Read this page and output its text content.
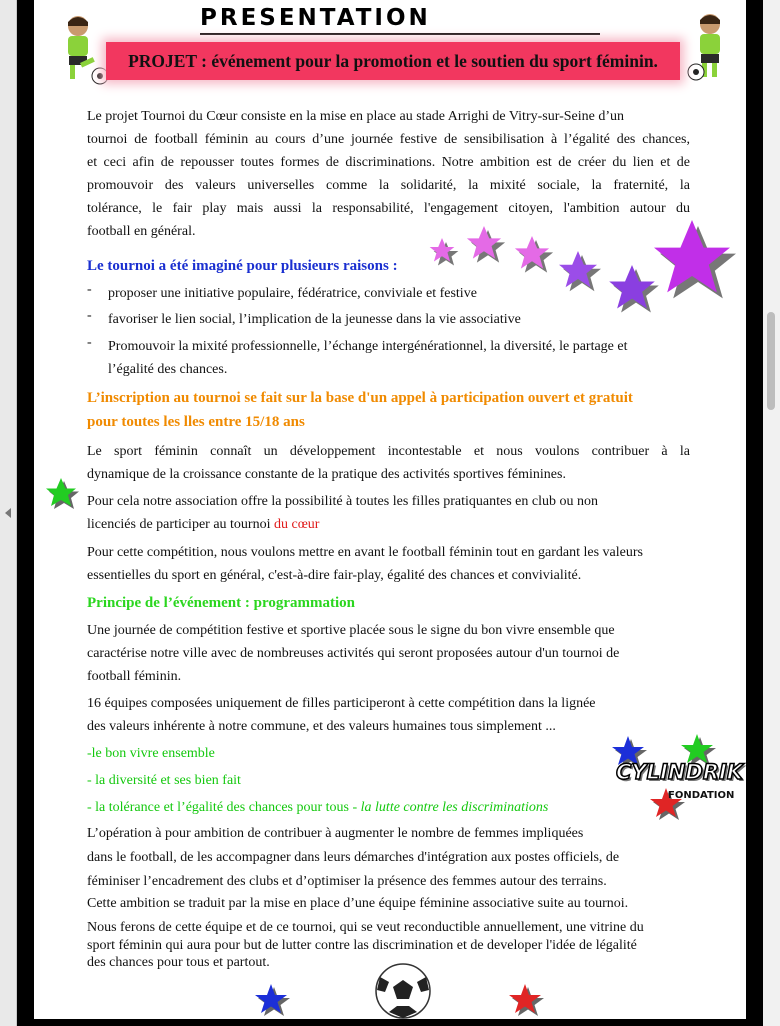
PRESENTATION
PROJET : événement pour la promotion et le soutien du sport féminin.
Le projet Tournoi du Cœur consiste en la mise en place au stade Arrighi de Vitry-sur-Seine d’un
tournoi de football féminin au cours d’une journée festive de sensibilisation à l’égalité des chances,
et ceci afin de repousser toutes formes de discriminations. Notre ambition est de créer du lien et de
promouvoir des valeurs universelles comme la solidarité, la mixité sociale, la fraternité, la
tolérance, le fair play mais aussi la responsabilité, l'engagement citoyen, l'ambition autour du
football en général.
Le tournoi a été imaginé pour plusieurs raisons :
- proposer une initiative populaire, fédératrice, conviviale et festive
- favoriser le lien social, l’implication de la jeunesse dans la vie associative
- Promouvoir la mixité professionnelle, l’échange intergénérationnel, la diversité, le partage et
l’égalité des chances.
L’inscription au tournoi se fait sur la base d'un appel à participation ouvert et gratuit
pour toutes les lles entre 15/18 ans
Le sport féminin connaît un développement incontestable et nous voulons contribuer à la
dynamique de la croissance constante de la pratique des activités sportives féminines.
Pour cela notre association offre la possibilité à toutes les filles pratiquantes en club ou non
licenciés de participer au tournoi du cœur
Pour cette compétition, nous voulons mettre en avant le football féminin tout en gardant les valeurs
essentielles du sport en général, c'est-à-dire fair-play, égalité des chances et convivialité.
Principe de l’événement : programmation
Une journée de compétition festive et sportive placée sous le signe du bon vivre ensemble que
caractérise notre ville avec de nombreuses activités qui seront proposées autour d'un tournoi de
football féminin.
16 équipes composées uniquement de filles participeront à cette compétition dans la lignée
des valeurs inhérente à notre commune, et des valeurs humaines tous simplement ...
-le bon vivre ensemble
- la diversité et ses bien fait
- la tolérance et l’égalité des chances pour tous - la lutte contre les discriminations
CYLINDRIK
FONDATION
L’opération à pour ambition de contribuer à augmenter le nombre de femmes impliquées
dans le football, de les accompagner dans leurs démarches d'intégration aux postes officiels, de
féminiser l’encadrement des clubs et d’optimiser la présence des femmes autour des terrains.
Cette ambition se traduit par la mise en place d’une équipe féminine associative suite au tournoi.
Nous ferons de cette équipe et de ce tournoi, qui se veut reconductible annuellement, une vitrine du
sport féminin qui aura pour but de lutter contre las discrimination et de developer l'idée de légalité
des chances pour tous et partout.
